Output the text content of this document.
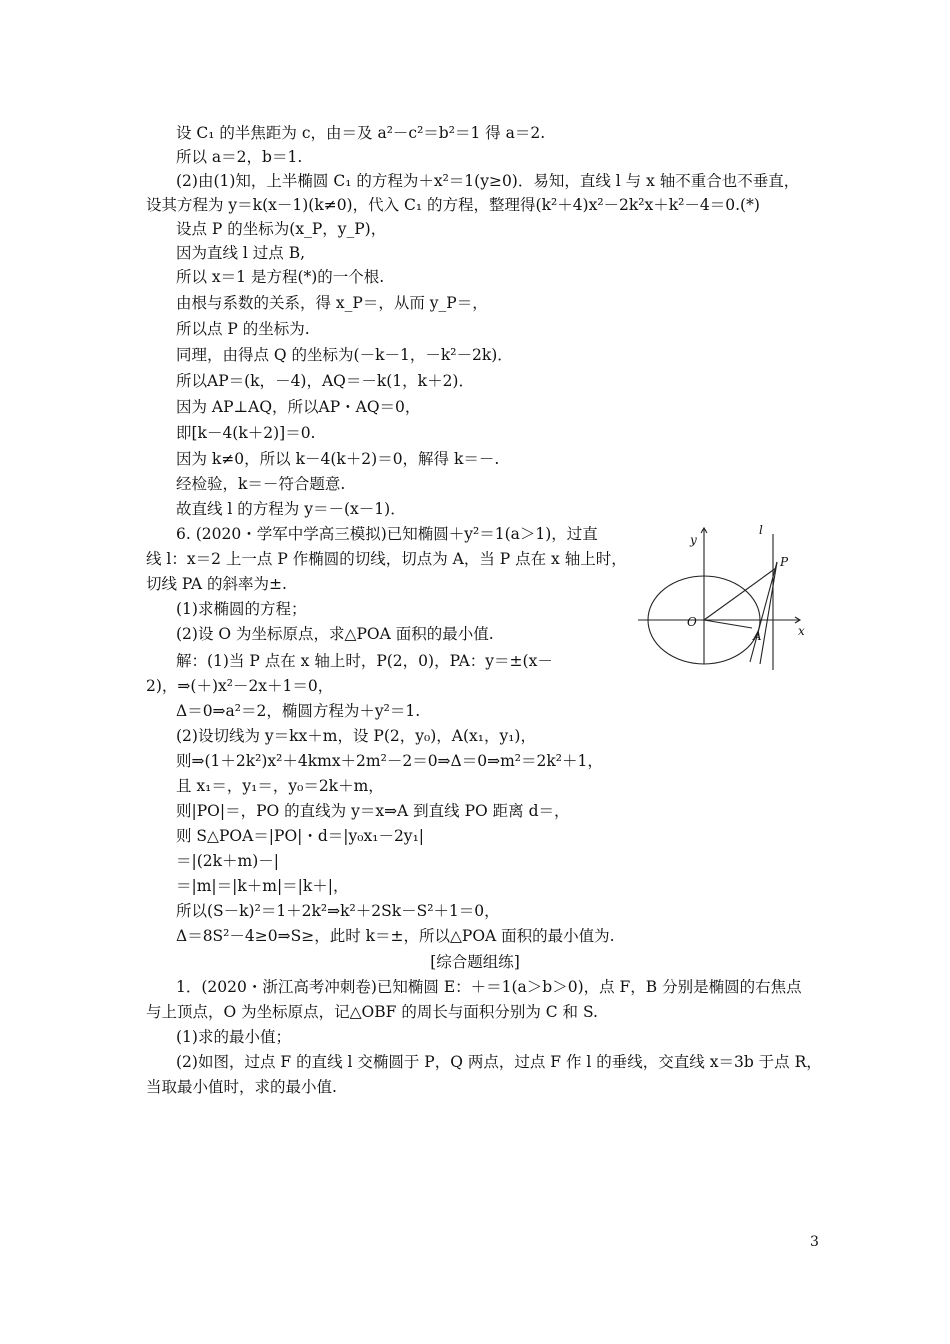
设 C₁ 的半焦距为 c，由＝及 a²－c²＝b²＝1 得 a＝2.
所以 a＝2，b＝1.
(2)由(1)知，上半椭圆 C₁ 的方程为＋x²＝1(y≥0)．易知，直线 l 与 x 轴不重合也不垂直，
设其方程为 y＝k(x－1)(k≠0)，代入 C₁ 的方程，整理得(k²＋4)x²－2k²x＋k²－4＝0.(*)
设点 P 的坐标为(x_P，y_P)，
因为直线 l 过点 B,
所以 x＝1 是方程(*)的一个根.
由根与系数的关系，得 x_P＝，从而 y_P＝，
所以点 P 的坐标为.
同理，由得点 Q 的坐标为(－k－1，－k²－2k)．
所以AP＝(k，－4)，AQ＝－k(1，k＋2)．
因为 AP⊥AQ，所以AP・AQ＝0，
即[k－4(k＋2)]＝0.
因为 k≠0，所以 k－4(k＋2)＝0，解得 k＝－.
经检验，k＝－符合题意.
故直线 l 的方程为 y＝－(x－1)．
6. (2020・学军中学高三模拟)已知椭圆＋y²＝1(a＞1)，过直
线 l：x＝2 上一点 P 作椭圆的切线，切点为 A，当 P 点在 x 轴上时，
切线 PA 的斜率为±.
(1)求椭圆的方程；
(2)设 O 为坐标原点，求△POA 面积的最小值.
解：(1)当 P 点在 x 轴上时，P(2，0)，PA：y＝±(x－
2)，⇒(＋)x²－2x＋1＝0，
Δ＝0⇒a²＝2，椭圆方程为＋y²＝1.
(2)设切线为 y＝kx＋m，设 P(2，y₀)，A(x₁，y₁)，
则⇒(1＋2k²)x²＋4kmx＋2m²－2＝0⇒Δ＝0⇒m²＝2k²＋1，
且 x₁＝，y₁＝，y₀＝2k＋m，
则|PO|＝，PO 的直线为 y＝x⇒A 到直线 PO 距离 d＝，
则 S△POA＝|PO|・d＝|y₀x₁－2y₁|
＝|(2k＋m)－|
＝|m|＝|k＋m|＝|k＋|，
所以(S－k)²＝1＋2k²⇒k²＋2Sk－S²＋1＝0，
Δ＝8S²－4≥0⇒S≥，此时 k＝±，所以△POA 面积的最小值为.
[综合题组练]
1．(2020・浙江高考冲刺卷)已知椭圆 E：＋＝1(a＞b＞0)，点 F，B 分别是椭圆的右焦点
与上顶点，O 为坐标原点，记△OBF 的周长与面积分别为 C 和 S.
(1)求的最小值；
(2)如图，过点 F 的直线 l 交椭圆于 P，Q 两点，过点 F 作 l 的垂线，交直线 x＝3b 于点 R，
当取最小值时，求的最小值.
y
x
l
P
O
A
3
